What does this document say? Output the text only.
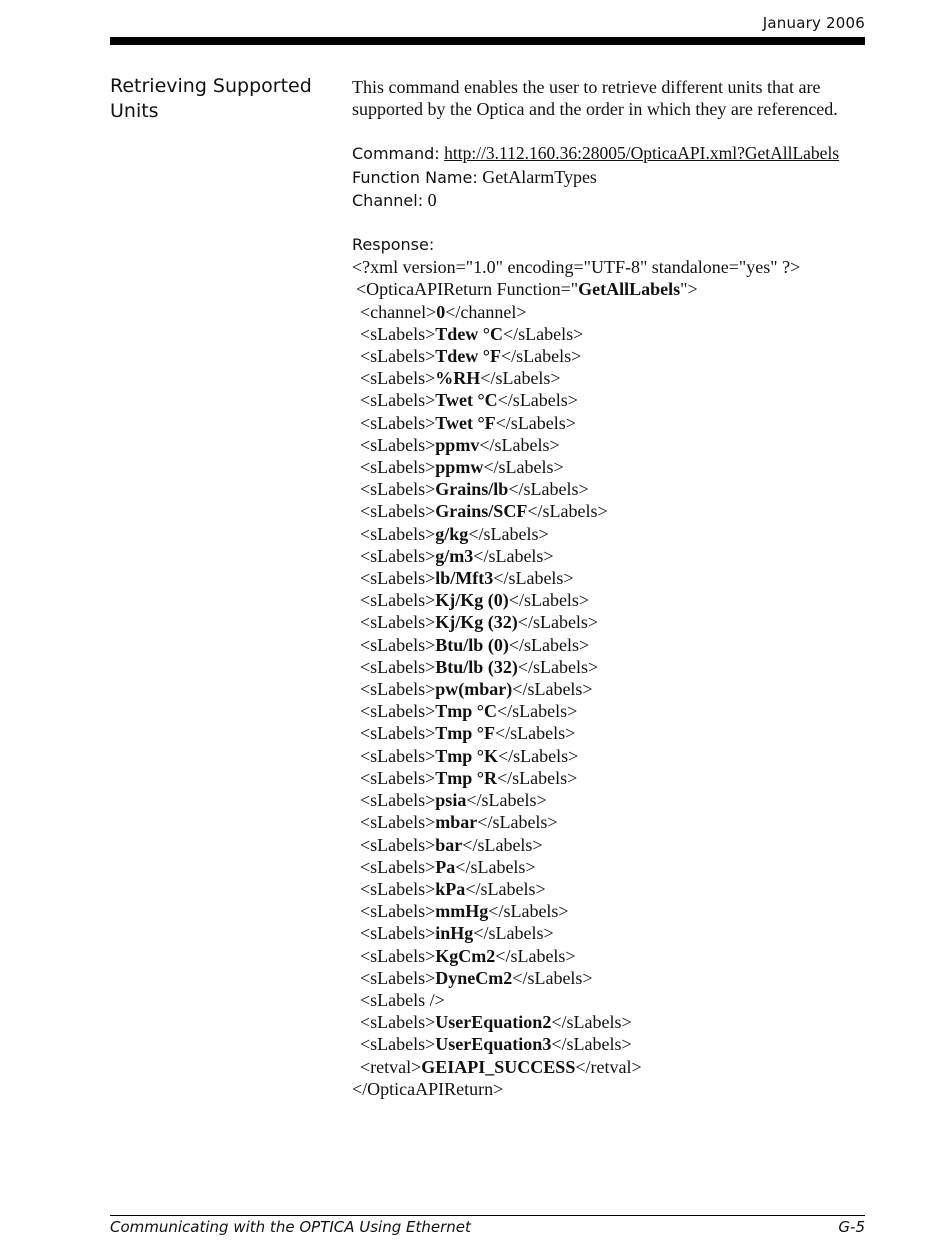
January 2006
Retrieving Supported
Units

This command enables the user to retrieve different units that are
supported by the Optica and the order in which they are referenced.

Command: http://3.112.160.36:28005/OpticaAPI.xml?GetAllLabels
Function Name: GetAlarmTypes
Channel: 0
Response:
<?xml version="1.0" encoding="UTF-8" standalone="yes" ?>
<OpticaAPIReturn Function="GetAllLabels">
<channel>0</channel>
<sLabels>Tdew °C</sLabels>
<sLabels>Tdew °F</sLabels>
<sLabels>%RH</sLabels>
<sLabels>Twet °C</sLabels>
<sLabels>Twet °F</sLabels>
<sLabels>ppmv</sLabels>
<sLabels>ppmw</sLabels>
<sLabels>Grains/lb</sLabels>
<sLabels>Grains/SCF</sLabels>
<sLabels>g/kg</sLabels>
<sLabels>g/m3</sLabels>
<sLabels>lb/Mft3</sLabels>
<sLabels>Kj/Kg (0)</sLabels>
<sLabels>Kj/Kg (32)</sLabels>
<sLabels>Btu/lb (0)</sLabels>
<sLabels>Btu/lb (32)</sLabels>
<sLabels>pw(mbar)</sLabels>
<sLabels>Tmp °C</sLabels>
<sLabels>Tmp °F</sLabels>
<sLabels>Tmp °K</sLabels>
<sLabels>Tmp °R</sLabels>
<sLabels>psia</sLabels>
<sLabels>mbar</sLabels>
<sLabels>bar</sLabels>
<sLabels>Pa</sLabels>
<sLabels>kPa</sLabels>
<sLabels>mmHg</sLabels>
<sLabels>inHg</sLabels>
<sLabels>KgCm2</sLabels>
<sLabels>DyneCm2</sLabels>
<sLabels />
<sLabels>UserEquation2</sLabels>
<sLabels>UserEquation3</sLabels>
<retval>GEIAPI_SUCCESS</retval>
</OpticaAPIReturn>
Communicating with the OPTICA Using Ethernet	G-5
